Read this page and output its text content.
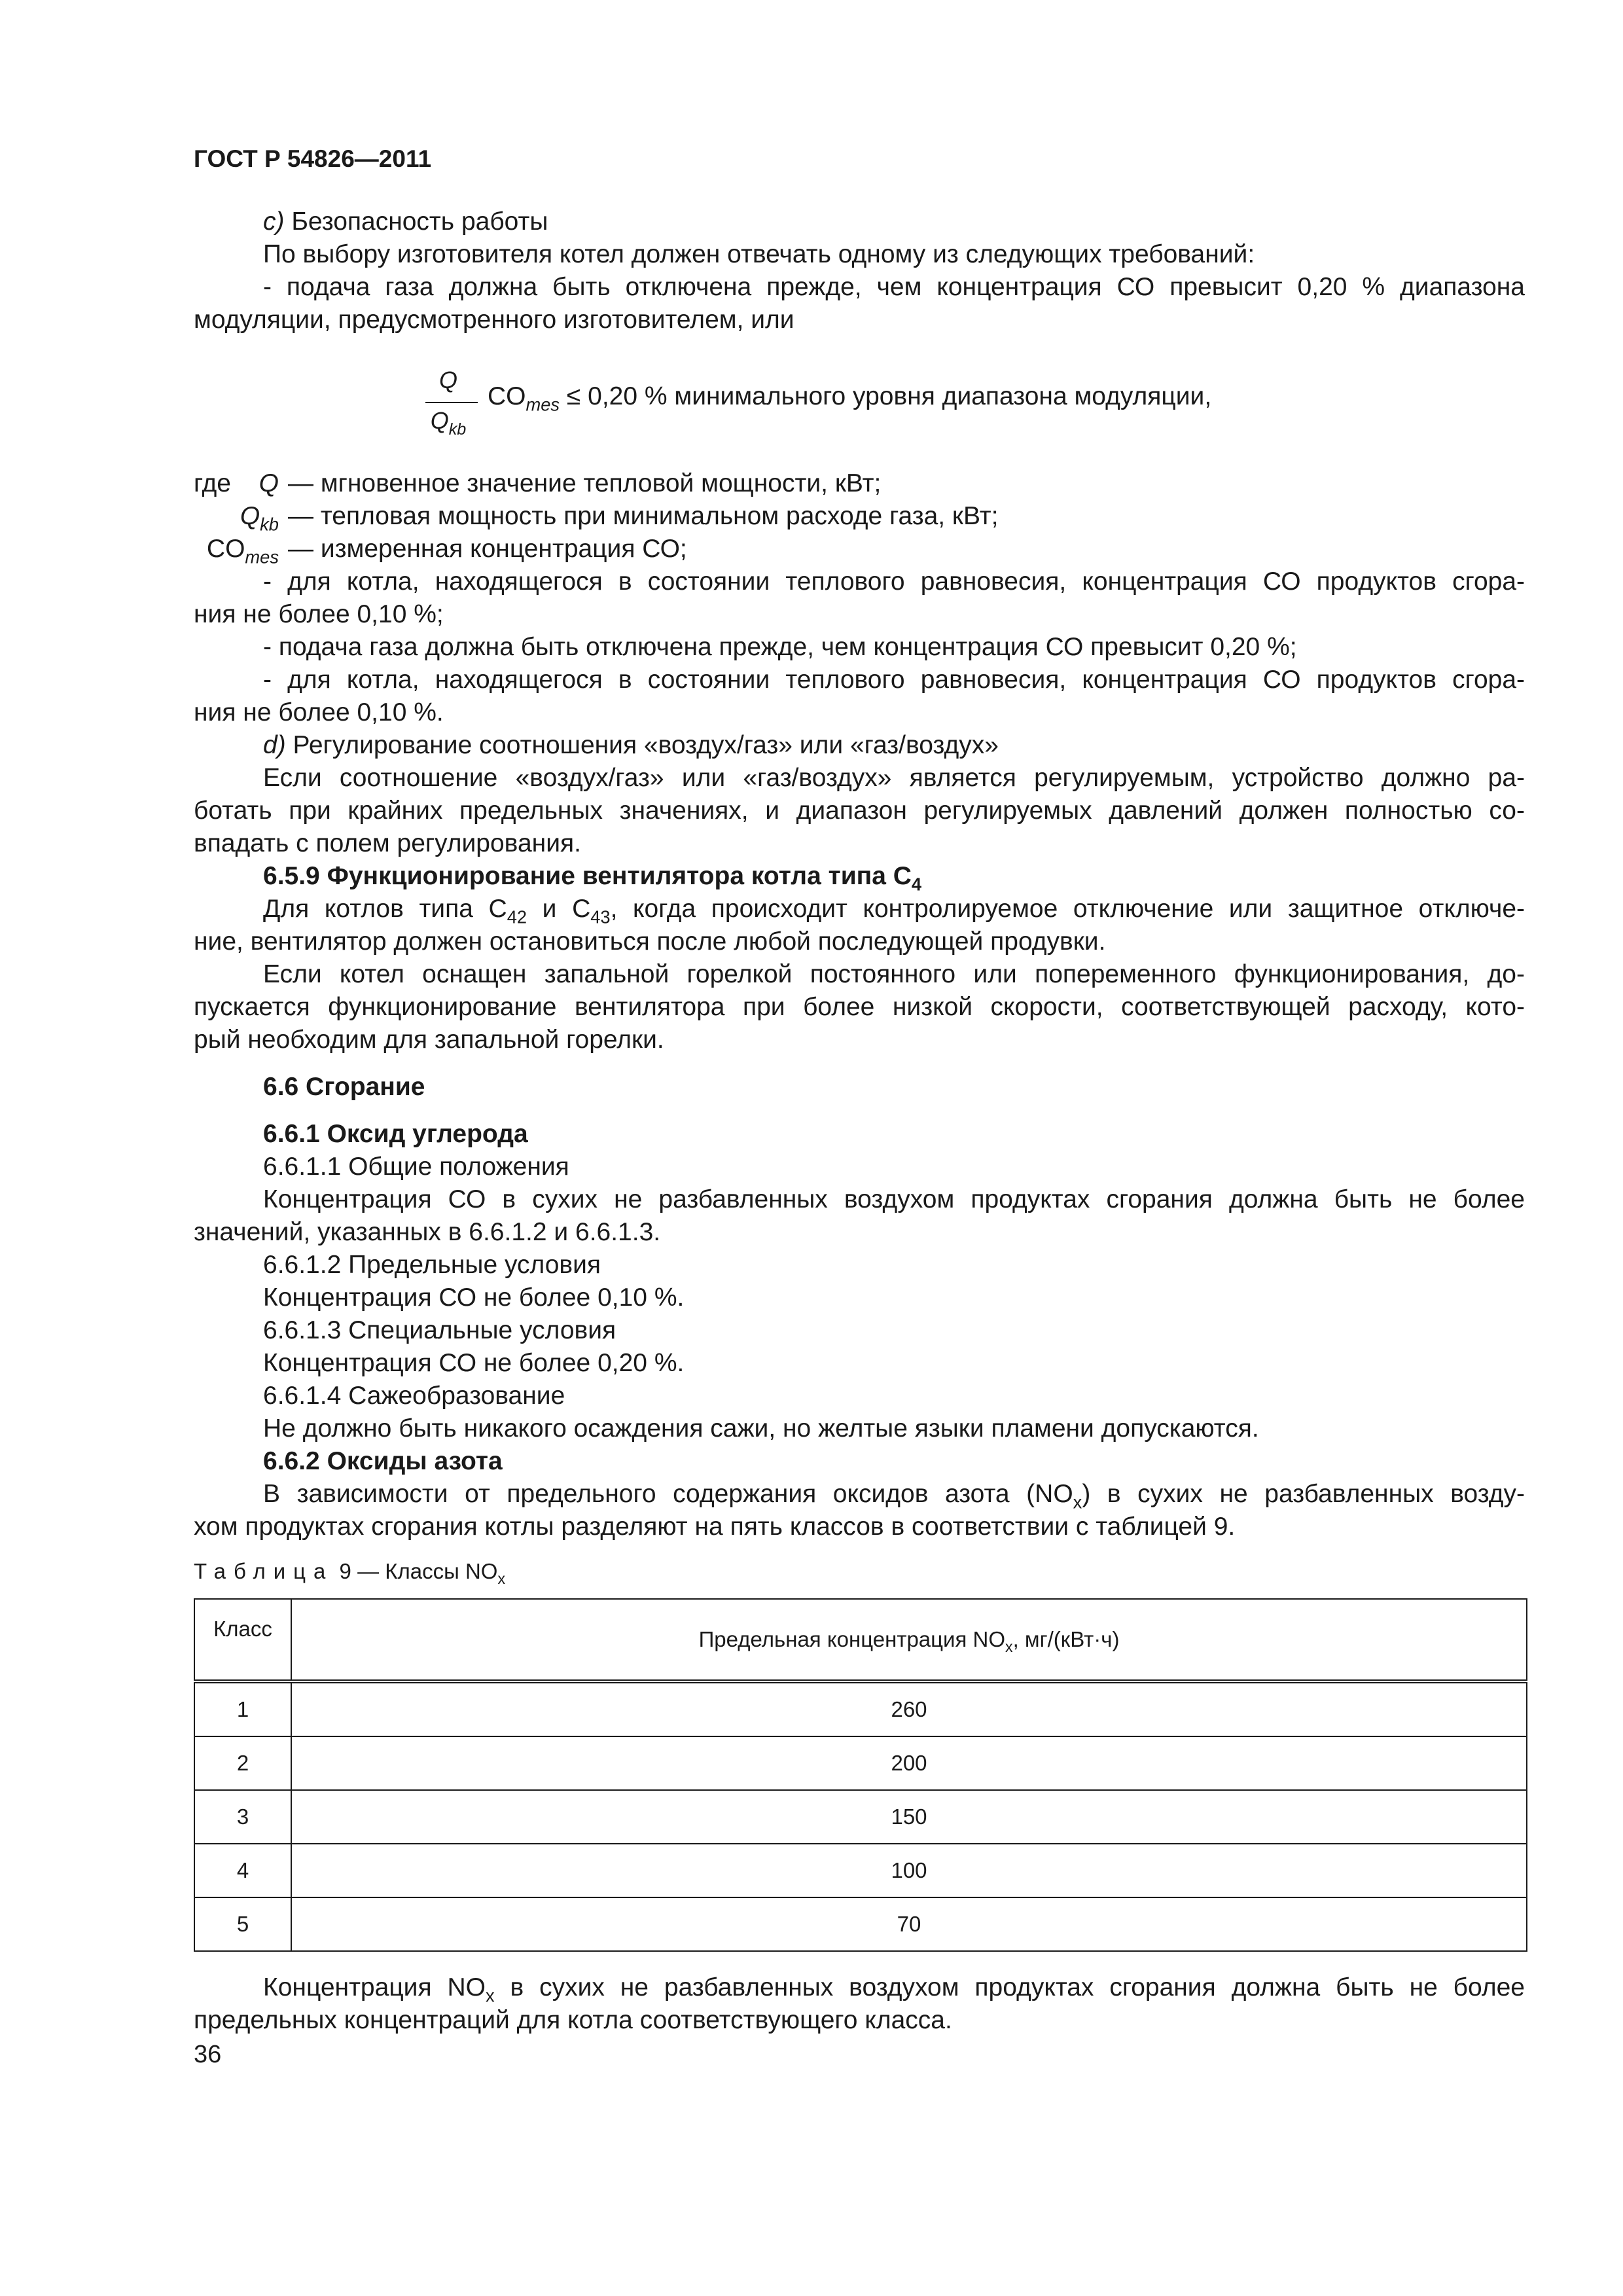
ГОСТ Р 54826—2011
c) Безопасность работы
По выбору изготовителя котел должен отвечать одному из следующих требований:
- подача газа должна быть отключена прежде, чем концентрация СО превысит 0,20 % диапазона
модуляции, предусмотренного изготовителем, или
Q
$Q_{kb}$
$CO_{mes} \le 0,20$ % минимального уровня диапазона модуляции,
где	Q — мгновенное значение тепловой мощности, кВт;
$Q_{kb}$ — тепловая мощность при минимальном расходе газа, кВт;
$CO_{mes}$ — измеренная концентрация СО;
- для котла, находящегося в состоянии теплового равновесия, концентрация СО продуктов сгора-
ния не более 0,10 %;
- подача газа должна быть отключена прежде, чем концентрация СО превысит 0,20 %;
- для котла, находящегося в состоянии теплового равновесия, концентрация СО продуктов сгора-
ния не более 0,10 %.
d) Регулирование соотношения «воздух/газ» или «газ/воздух»
Если соотношение «воздух/газ» или «газ/воздух» является регулируемым, устройство должно ра-
ботать при крайних предельных значениях, и диапазон регулируемых давлений должен полностью со-
впадать с полем регулирования.
6.5.9 Функционирование вентилятора котла типа $C_4$
Для котлов типа $C_{42}$ и $C_{43}$, когда происходит контролируемое отключение или защитное отключе-
ние, вентилятор должен остановиться после любой последующей продувки.
Если котел оснащен запальной горелкой постоянного или попеременного функционирования, до-
пускается функционирование вентилятора при более низкой скорости, соответствующей расходу, кото-
рый необходим для запальной горелки.
6.6 Сгорание
6.6.1 Оксид углерода
6.6.1.1 Общие положения
Концентрация СО в сухих не разбавленных воздухом продуктах сгорания должна быть не более
значений, указанных в 6.6.1.2 и 6.6.1.3.
6.6.1.2 Предельные условия
Концентрация СО не более 0,10 %.
6.6.1.3 Специальные условия
Концентрация СО не более 0,20 %.
6.6.1.4 Сажеобразование
Не должно быть никакого осаждения сажи, но желтые языки пламени допускаются.
6.6.2 Оксиды азота
В зависимости от предельного содержания оксидов азота $(NO_x)$ в сухих не разбавленных возду-
хом продуктах сгорания котлы разделяют на пять классов в соответствии с таблицей 9.
Таблица 9 — Классы $NO_x$
Класс	Предельная концентрация $NO_x$, мг/(кВт·ч)
1	260
2	200
3	150
4	100
5	70
Концентрация $NO_x$ в сухих не разбавленных воздухом продуктах сгорания должна быть не более
предельных концентраций для котла соответствующего класса.
36
